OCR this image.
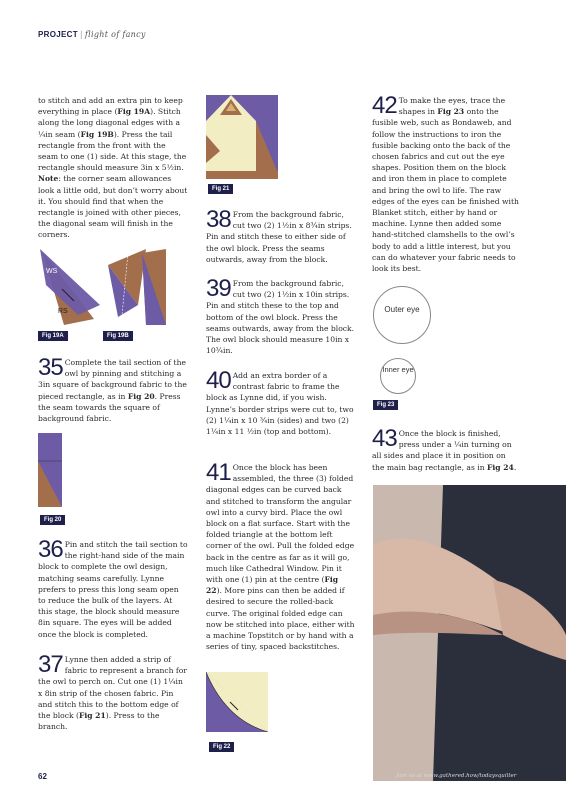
PROJECT | flight of fancy

to stitch and add an extra pin to keep everything in place (Fig 19A). Stitch along the long diagonal edges with a ¼in seam (Fig 19B). Press the tail rectangle from the front with the seam to one (1) side. At this stage, the rectangle should measure 3in x 5½in. Note: the corner seam allowances look a little odd, but don’t worry about it. You should find that when the rectangle is joined with other pieces, the diagonal seam will finish in the corners.

WS
RS
Fig 19A	Fig 19B
35 Complete the tail section of the owl by pinning and stitching a 3in square of background fabric to the pieced rectangle, as in Fig 20. Press the seam towards the square of background fabric.

Fig 20
36 Pin and stitch the tail section to the right-hand side of the main block to complete the owl design, matching seams carefully. Lynne prefers to press this long seam open to reduce the bulk of the layers. At this stage, the block should measure 8in square. The eyes will be added once the block is completed.

37 Lynne then added a strip of fabric to represent a branch for the owl to perch on. Cut one (1) 1¼in x 8in strip of the chosen fabric. Pin and stitch this to the bottom edge of the block (Fig 21). Press to the branch.

Fig 21
38 From the background fabric, cut two (2) 1½in x 8¾in strips. Pin and stitch these to either side of the owl block. Press the seams outwards, away from the block.

39 From the background fabric, cut two (2) 1½in x 10in strips. Pin and stitch these to the top and bottom of the owl block. Press the seams outwards, away from the block. The owl block should measure 10in x 10¾in.

40 Add an extra border of a contrast fabric to frame the block as Lynne did, if you wish. Lynne’s border strips were cut to, two (2) 1¼in x 10 ¾in (sides) and two (2) 1¼in x 11 ½in (top and bottom).

41 Once the block has been assembled, the three (3) folded diagonal edges can be curved back and stitched to transform the angular owl into a curvy bird. Place the owl block on a flat surface. Start with the folded triangle at the bottom left corner of the owl. Pull the folded edge back in the centre as far as it will go, much like Cathedral Window. Pin it with one (1) pin at the centre (Fig 22). More pins can then be added if desired to secure the rolled-back curve. The original folded edge can now be stitched into place, either with a machine Topstitch or by hand with a series of tiny, spaced backstitches.

Fig 22
42 To make the eyes, trace the shapes in Fig 23 onto the fusible web, such as Bondaweb, and follow the instructions to iron the fusible backing onto the back of the chosen fabrics and cut out the eye shapes. Position them on the block and iron them in place to complete and bring the owl to life. The raw edges of the eyes can be finished with Blanket stitch, either by hand or machine. Lynne then added some hand-stitched clamshells to the owl’s body to add a little interest, but you can do whatever your fabric needs to look its best.

Outer eye
Inner eye
Fig 23
43 Once the block is finished, press under a ¼in turning on all sides and place it in position on the main bag rectangle, as in Fig 24.

62	Join us at www.gathered.how/todaysquilter
PassionForum.ru
